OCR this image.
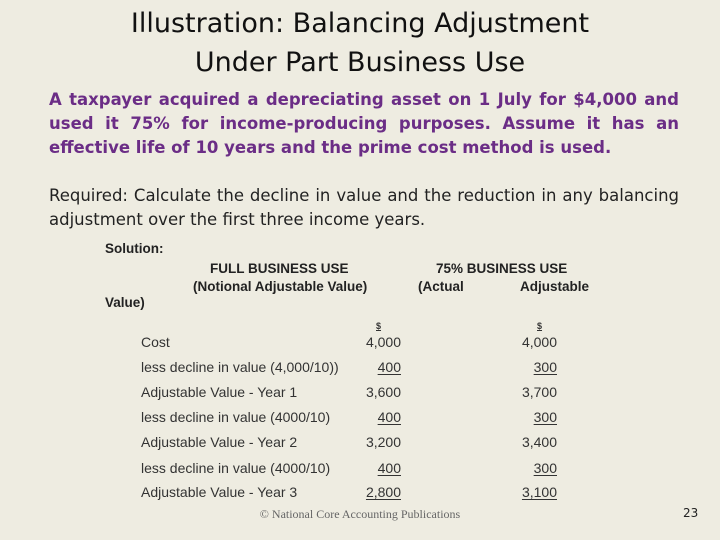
Illustration: Balancing Adjustment
Under Part Business Use
A taxpayer acquired a depreciating asset on 1 July for $4,000 and used it 75% for income-producing purposes. Assume it has an effective life of 10 years and the prime cost method is used.
Required: Calculate the decline in value and the reduction in any balancing adjustment over the first three income years.
Solution:
FULL BUSINESS USE
(Notional Adjustable Value)
75% BUSINESS USE
(Actual	Adjustable
Value)
$	$
Cost	4,000	4,000
less decline in value (4,000/10))	400	300
Adjustable Value - Year 1	3,600	3,700
less decline in value (4000/10)	400	300
Adjustable Value - Year 2	3,200	3,400
less decline in value (4000/10)	400	300
Adjustable Value - Year 3	2,800	3,100
© National Core Accounting Publications	23
